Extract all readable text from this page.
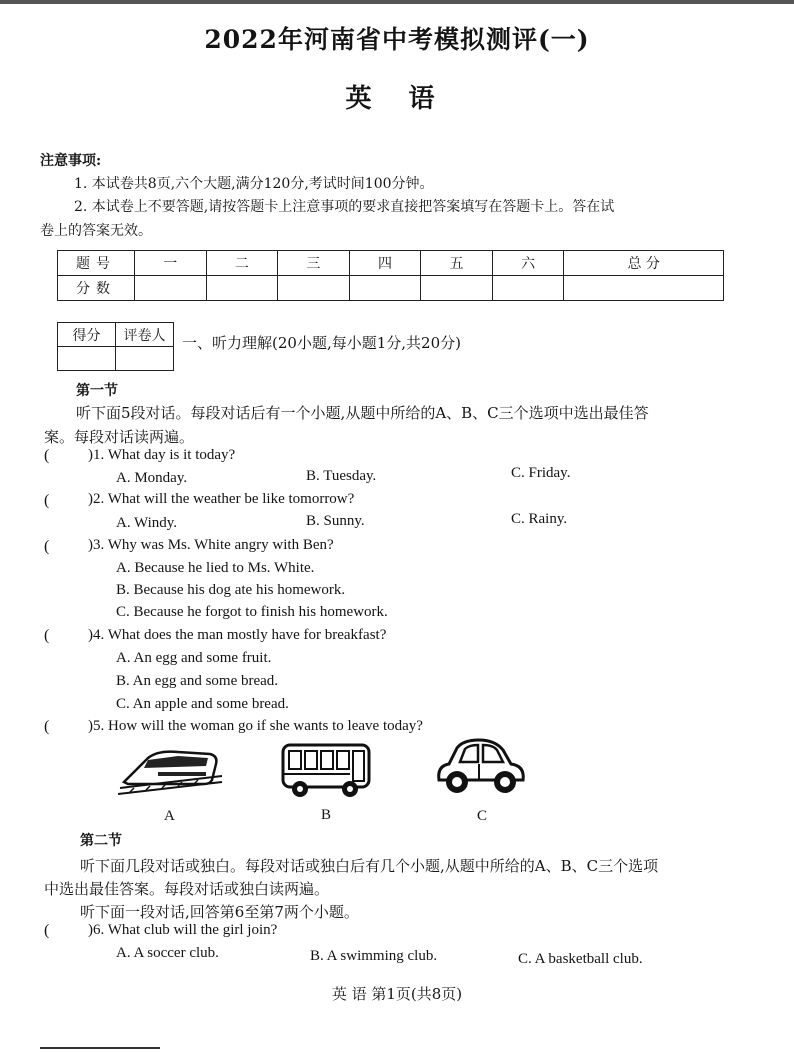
2022年河南省中考模拟测评(一)
英 语
注意事项:
1. 本试卷共8页,六个大题,满分120分,考试时间100分钟。
2. 本试卷上不要答题,请按答题卡上注意事项的要求直接把答案填写在答题卡上。答在试
卷上的答案无效。
题号	一	二	三	四	五	六	总 分
分数							
得分	评卷人
	一、听力理解(20小题,每小题1分,共20分)
第一节
听下面5段对话。每段对话后有一个小题,从题中所给的A、B、C三个选项中选出最佳答
案。每段对话读两遍。
(	)1. What day is it today?
A. Monday.	B. Tuesday.	C. Friday.
(	)2. What will the weather be like tomorrow?
A. Windy.	B. Sunny.	C. Rainy.
(	)3. Why was Ms. White angry with Ben?
A. Because he lied to Ms. White.
B. Because his dog ate his homework.
C. Because he forgot to finish his homework.
(	)4. What does the man mostly have for breakfast?
A. An egg and some fruit.
B. An egg and some bread.
C. An apple and some bread.
(	)5. How will the woman go if she wants to leave today?
A	B	C
第二节
听下面几段对话或独白。每段对话或独白后有几个小题,从题中所给的A、B、C三个选项
中选出最佳答案。每段对话或独白读两遍。
听下面一段对话,回答第6至第7两个小题。
(	)6. What club will the girl join?
A. A soccer club.	B. A swimming club.	C. A basketball club.
英 语 第1页(共8页)
